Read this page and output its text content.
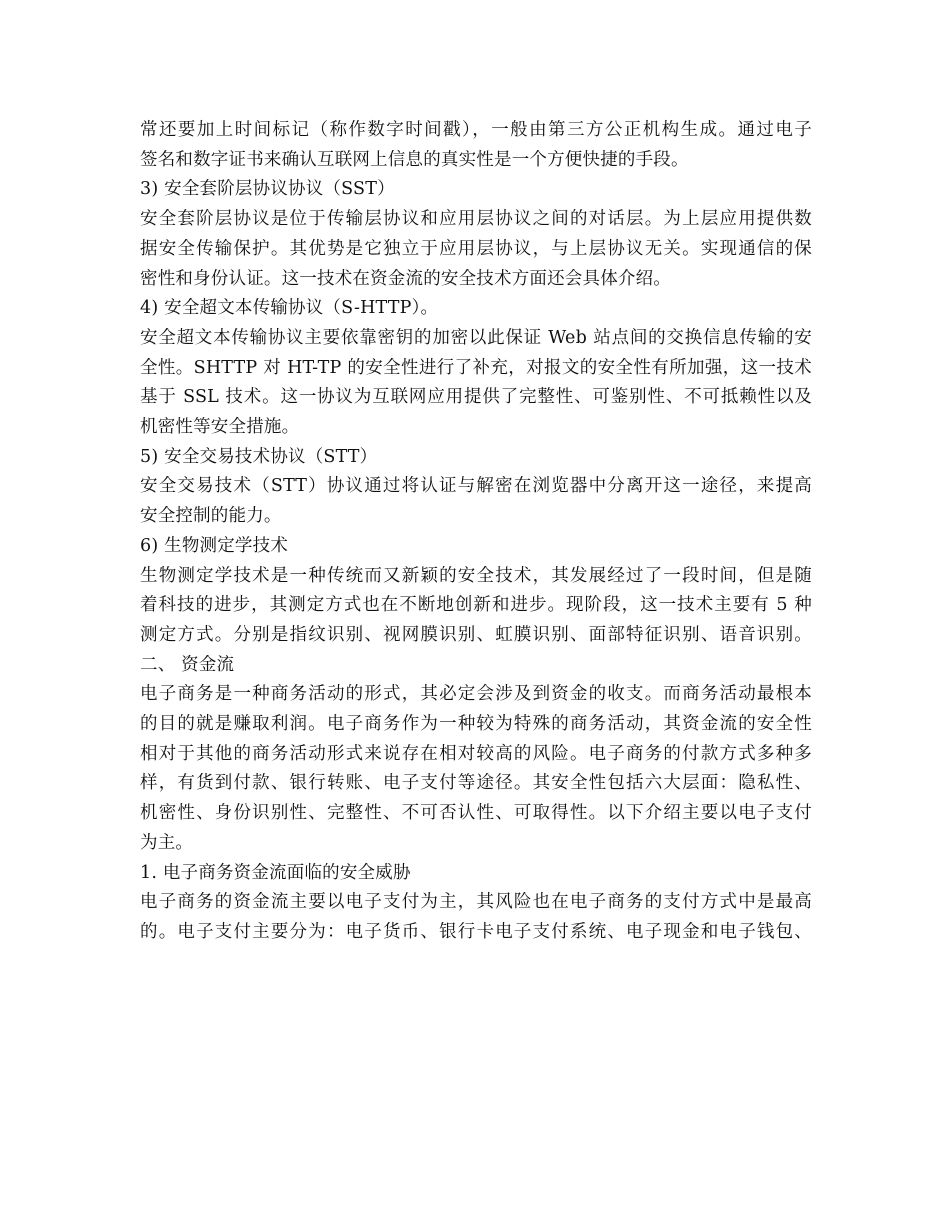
常还要加上时间标记（称作数字时间戳），一般由第三方公正机构生成。通过电子
签名和数字证书来确认互联网上信息的真实性是一个方便快捷的手段。
3) 安全套阶层协议协议（SST）
安全套阶层协议是位于传输层协议和应用层协议之间的对话层。为上层应用提供数
据安全传输保护。其优势是它独立于应用层协议，与上层协议无关。实现通信的保
密性和身份认证。这一技术在资金流的安全技术方面还会具体介绍。
4) 安全超文本传输协议（S-HTTP）。
安全超文本传输协议主要依靠密钥的加密以此保证 Web 站点间的交换信息传输的安
全性。SHTTP 对 HT-TP 的安全性进行了补充，对报文的安全性有所加强，这一技术
基于 SSL 技术。这一协议为互联网应用提供了完整性、可鉴别性、不可抵赖性以及
机密性等安全措施。
5) 安全交易技术协议（STT）
安全交易技术（STT）协议通过将认证与解密在浏览器中分离开这一途径，来提高
安全控制的能力。
6) 生物测定学技术
生物测定学技术是一种传统而又新颖的安全技术，其发展经过了一段时间，但是随
着科技的进步，其测定方式也在不断地创新和进步。现阶段，这一技术主要有 5 种
测定方式。分别是指纹识别、视网膜识别、虹膜识别、面部特征识别、语音识别。
二、 资金流
电子商务是一种商务活动的形式，其必定会涉及到资金的收支。而商务活动最根本
的目的就是赚取利润。电子商务作为一种较为特殊的商务活动，其资金流的安全性
相对于其他的商务活动形式来说存在相对较高的风险。电子商务的付款方式多种多
样，有货到付款、银行转账、电子支付等途径。其安全性包括六大层面：隐私性、
机密性、身份识别性、完整性、不可否认性、可取得性。以下介绍主要以电子支付
为主。
1. 电子商务资金流面临的安全威胁
电子商务的资金流主要以电子支付为主，其风险也在电子商务的支付方式中是最高
的。电子支付主要分为：电子货币、银行卡电子支付系统、电子现金和电子钱包、
